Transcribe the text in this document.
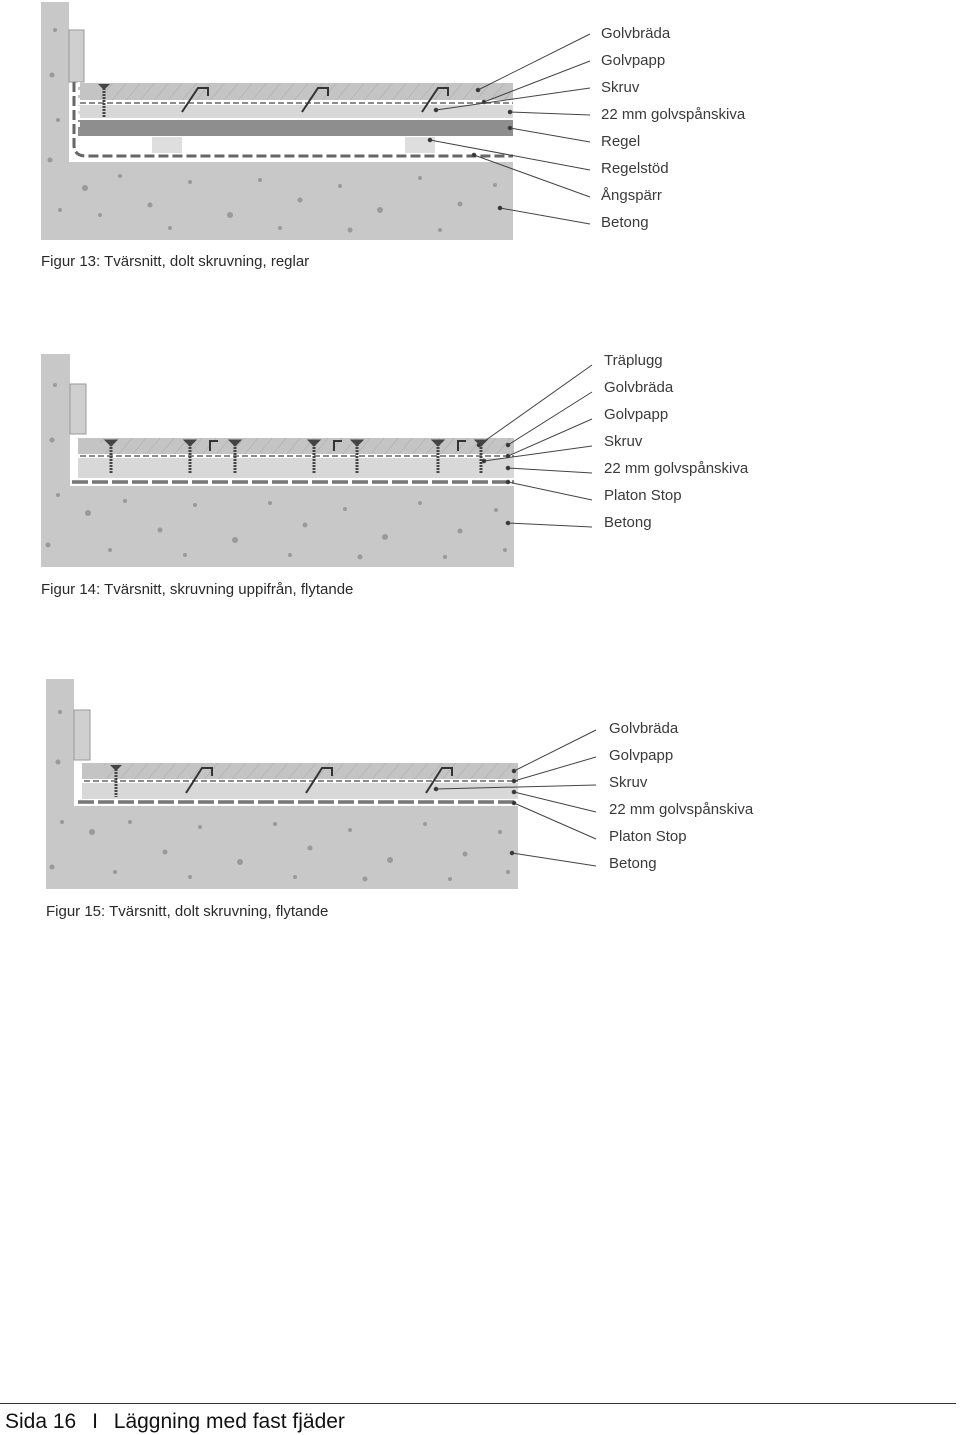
Golvbräda
Golvpapp
Skruv
22 mm golvspånskiva
Regel
Regelstöd
Ångspärr
Betong
Figur 13: Tvärsnitt, dolt skruvning, reglar
Träplugg
Golvbräda
Golvpapp
Skruv
22 mm golvspånskiva
Platon Stop
Betong
Figur 14: Tvärsnitt, skruvning uppifrån, flytande
Golvbräda
Golvpapp
Skruv
22 mm golvspånskiva
Platon Stop
Betong
Figur 15: Tvärsnitt, dolt skruvning, flytande
Sida 16 I Läggning med fast fjäder
